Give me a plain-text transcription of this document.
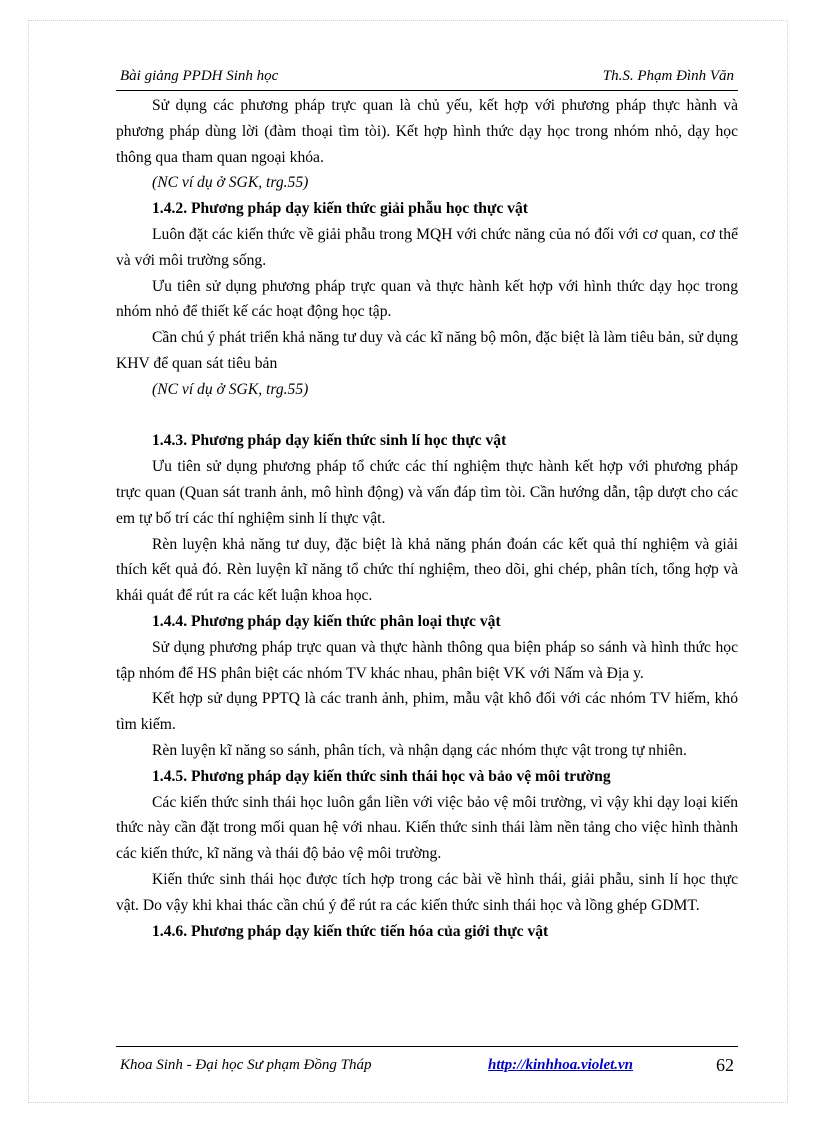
Bài giảng PPDH Sinh học	Th.S. Phạm Đình Văn

Sử dụng các phương pháp trực quan là chủ yếu, kết hợp với phương pháp thực hành và phương pháp dùng lời (đàm thoại tìm tòi). Kết hợp hình thức dạy học trong nhóm nhỏ, dạy học thông qua tham quan ngoại khóa.

(NC ví dụ ở SGK, trg.55)

1.4.2. Phương pháp dạy kiến thức giải phẫu học thực vật

Luôn đặt các kiến thức về giải phẫu trong MQH với chức năng của nó đối với cơ quan, cơ thể và với môi trường sống.

Ưu tiên sử dụng phương pháp trực quan và thực hành kết hợp với hình thức dạy học trong nhóm nhỏ để thiết kế các hoạt động học tập.

Cần chú ý phát triển khả năng tư duy và các kĩ năng bộ môn, đặc biệt là làm tiêu bản, sử dụng KHV để quan sát tiêu bản

(NC ví dụ ở SGK, trg.55)

1.4.3. Phương pháp dạy kiến thức sinh lí học thực vật

Ưu tiên sử dụng phương pháp tổ chức các thí nghiệm thực hành kết hợp với phương pháp trực quan (Quan sát tranh ảnh, mô hình động) và vấn đáp tìm tòi. Cần hướng dẫn, tập dượt cho các em tự bố trí các thí nghiệm sinh lí thực vật.

Rèn luyện khả năng tư duy, đặc biệt là khả năng phán đoán các kết quả thí nghiệm và giải thích kết quả đó. Rèn luyện kĩ năng tổ chức thí nghiệm, theo dõi, ghi chép, phân tích, tổng hợp và khái quát để rút ra các kết luận khoa học.

1.4.4. Phương pháp dạy kiến thức phân loại thực vật

Sử dụng phương pháp trực quan và thực hành thông qua biện pháp so sánh và hình thức học tập nhóm để HS phân biệt các nhóm TV khác nhau, phân biệt VK với Nấm và Địa y.

Kết hợp sử dụng PPTQ là các tranh ảnh, phim, mẫu vật khô đối với các nhóm TV hiếm, khó tìm kiếm.

Rèn luyện kĩ năng so sánh, phân tích, và nhận dạng các nhóm thực vật trong tự nhiên.

1.4.5. Phương pháp dạy kiến thức sinh thái học và bảo vệ môi trường

Các kiến thức sinh thái học luôn gắn liền với việc bảo vệ môi trường, vì vậy khi dạy loại kiến thức này cần đặt trong mối quan hệ với nhau. Kiến thức sinh thái làm nền tảng cho việc hình thành các kiến thức, kĩ năng và thái độ bảo vệ môi trường.

Kiến thức sinh thái học được tích hợp trong các bài về hình thái, giải phẫu, sinh lí học thực vật. Do vậy khi khai thác cần chú ý để rút ra các kiến thức sinh thái học và lồng ghép GDMT.

1.4.6. Phương pháp dạy kiến thức tiến hóa của giới thực vật
Khoa Sinh - Đại học Sư phạm Đồng Tháp	http://kinhhoa.violet.vn	62
